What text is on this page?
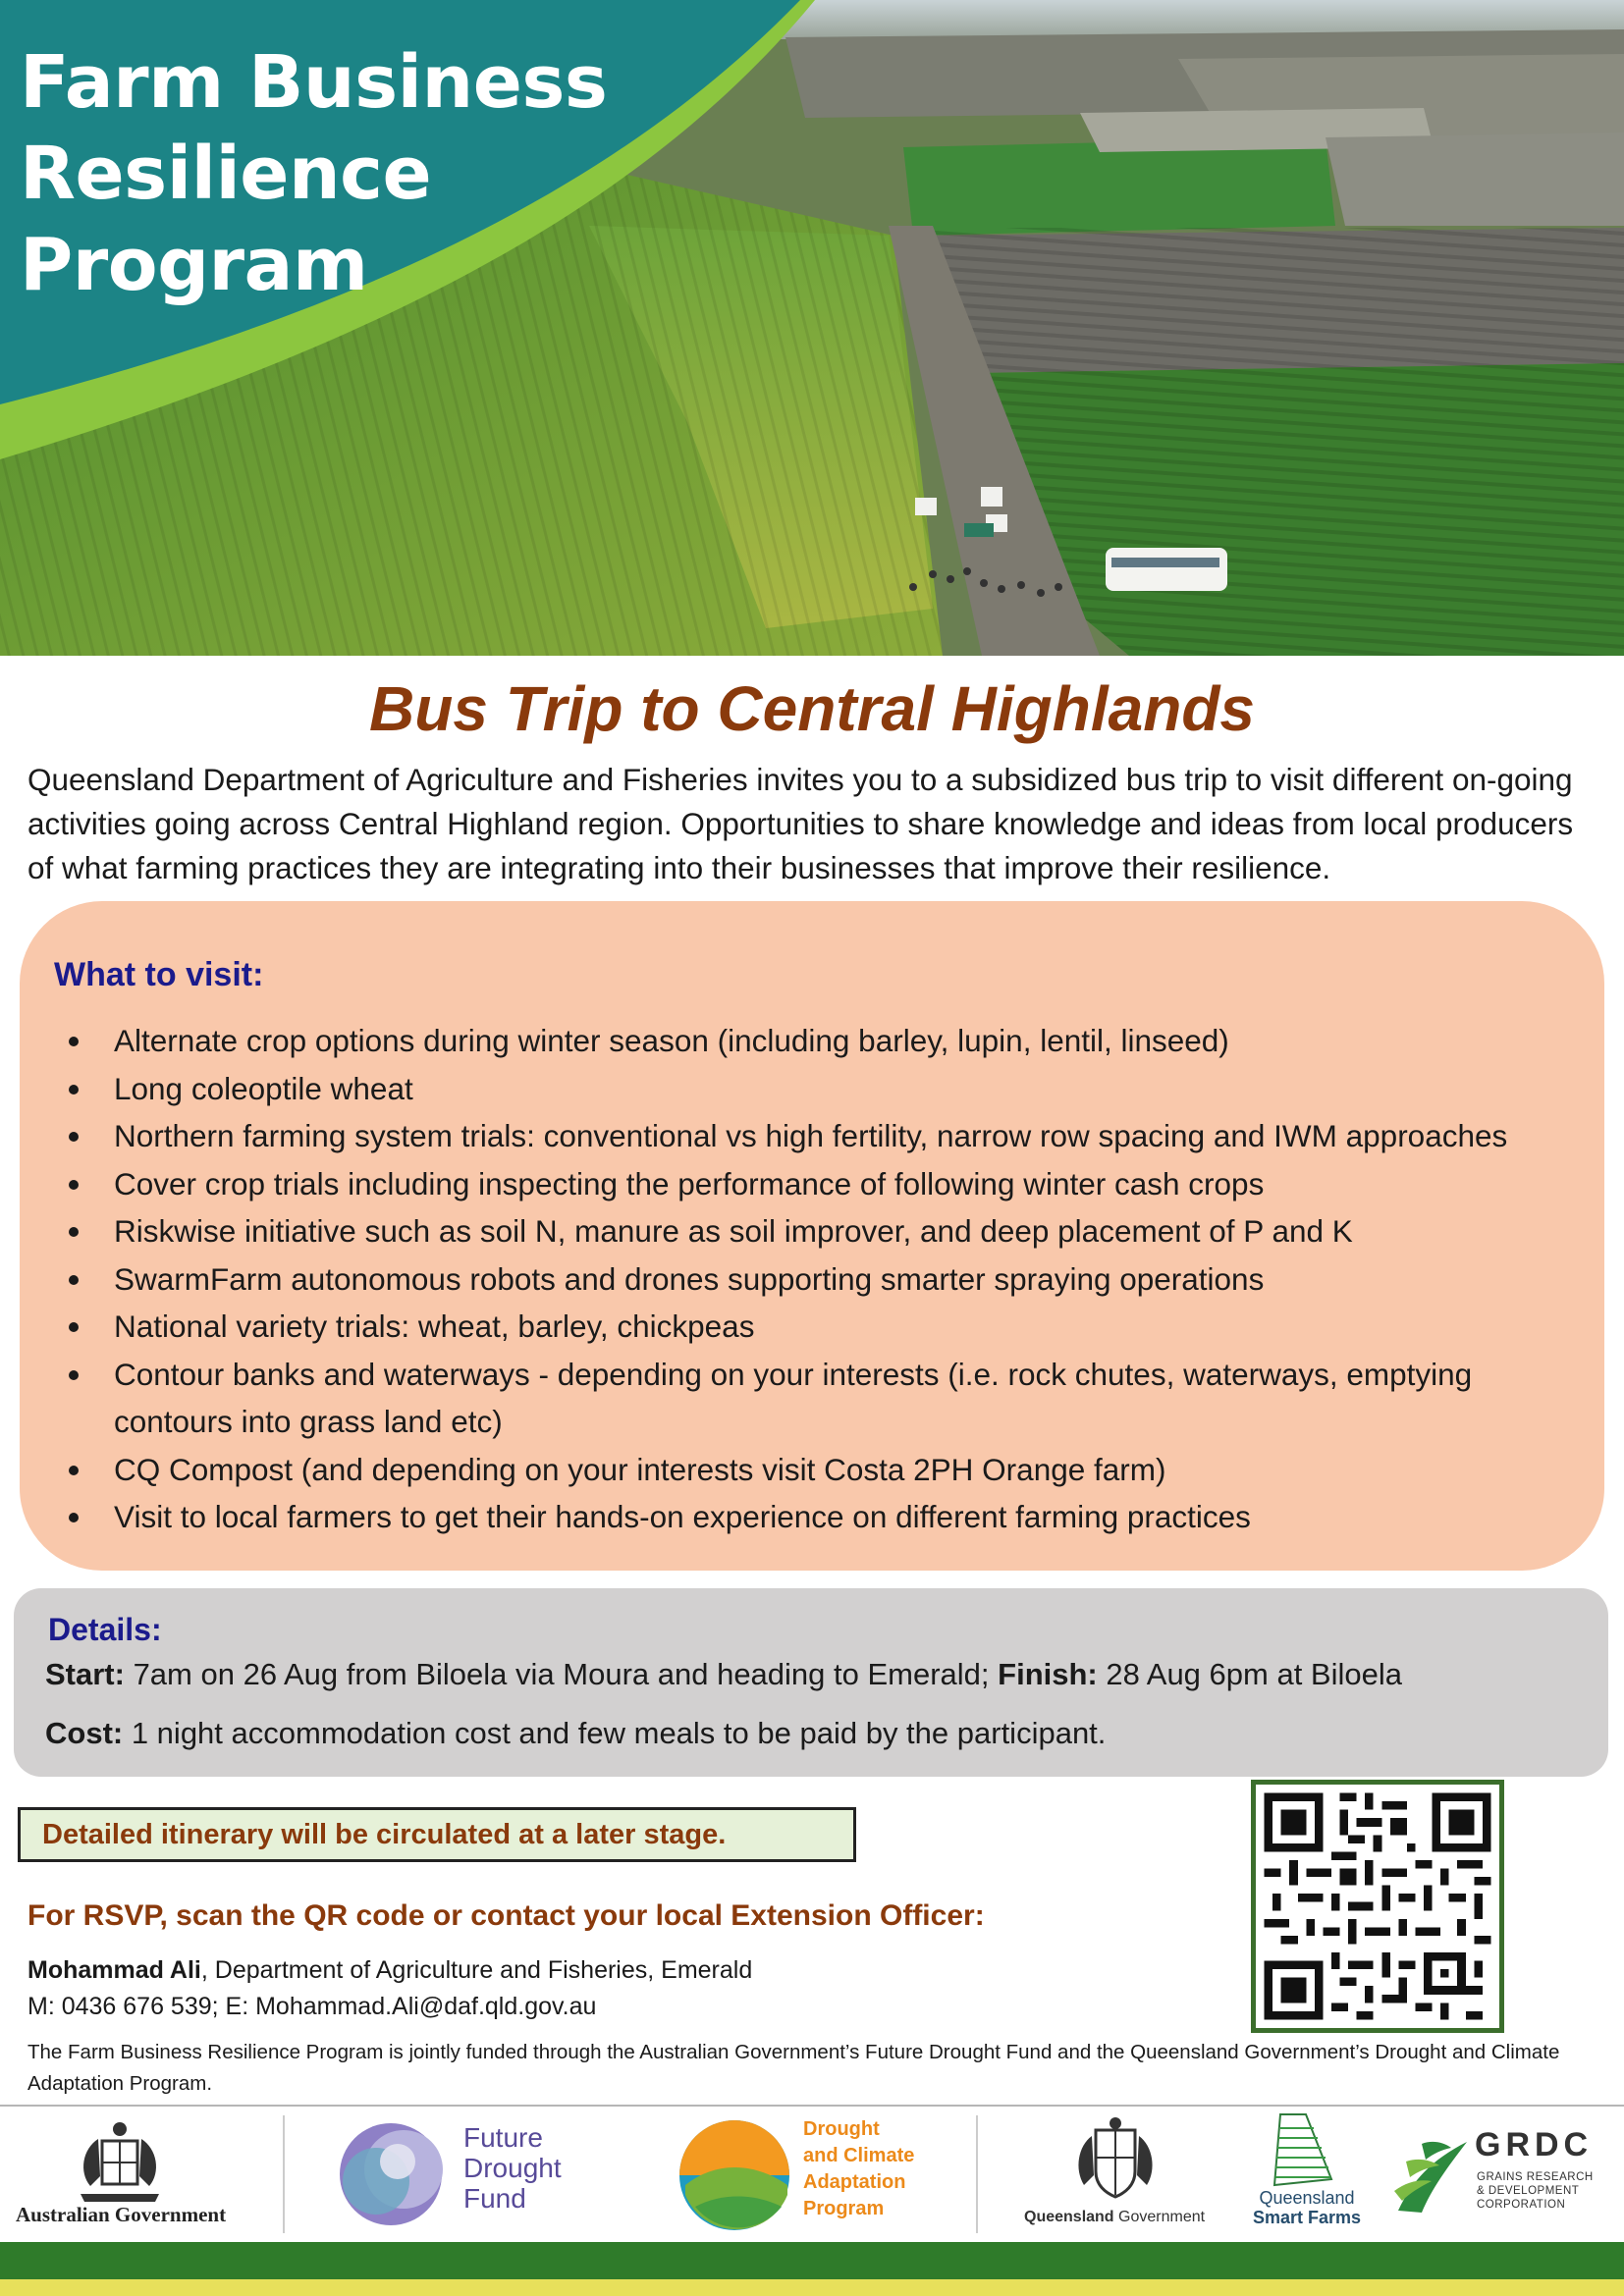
Farm Business
Resilience
Program
Bus Trip to Central Highlands

Queensland Department of Agriculture and Fisheries invites you to a subsidized bus trip to visit different on-going activities going across Central Highland region. Opportunities to share knowledge and ideas from local producers of what farming practices they are integrating into their businesses that improve their resilience.

What to visit:
Alternate crop options during winter season (including barley, lupin, lentil, linseed)
Long coleoptile wheat
Northern farming system trials: conventional vs high fertility, narrow row spacing and IWM approaches
Cover crop trials including inspecting the performance of following winter cash crops
Riskwise initiative such as soil N, manure as soil improver, and deep placement of P and K
SwarmFarm autonomous robots and drones supporting smarter spraying operations
National variety trials: wheat, barley, chickpeas
Contour banks and waterways - depending on your interests (i.e. rock chutes, waterways, emptying contours into grass land etc)
CQ Compost (and depending on your interests visit Costa 2PH Orange farm)
Visit to local farmers to get their hands-on experience on different farming practices
Details:

Start: 7am on 26 Aug from Biloela via Moura and heading to Emerald; Finish: 28 Aug 6pm at Biloela

Cost: 1 night accommodation cost and few meals to be paid by the participant.

Detailed itinerary will be circulated at a later stage.

For RSVP, scan the QR code or contact your local Extension Officer:

Mohammad Ali, Department of Agriculture and Fisheries, Emerald

M: 0436 676 539; E: Mohammad.Ali@daf.qld.gov.au

The Farm Business Resilience Program is jointly funded through the Australian Government’s Future Drought Fund and the Queensland Government’s Drought and Climate Adaptation Program.

Australian Government
Future
Drought
Fund
Drought
and Climate
Adaptation
Program	Queensland Government
Queensland
Smart Farms
GRDC
GRAINS RESEARCH
& DEVELOPMENT
CORPORATION
